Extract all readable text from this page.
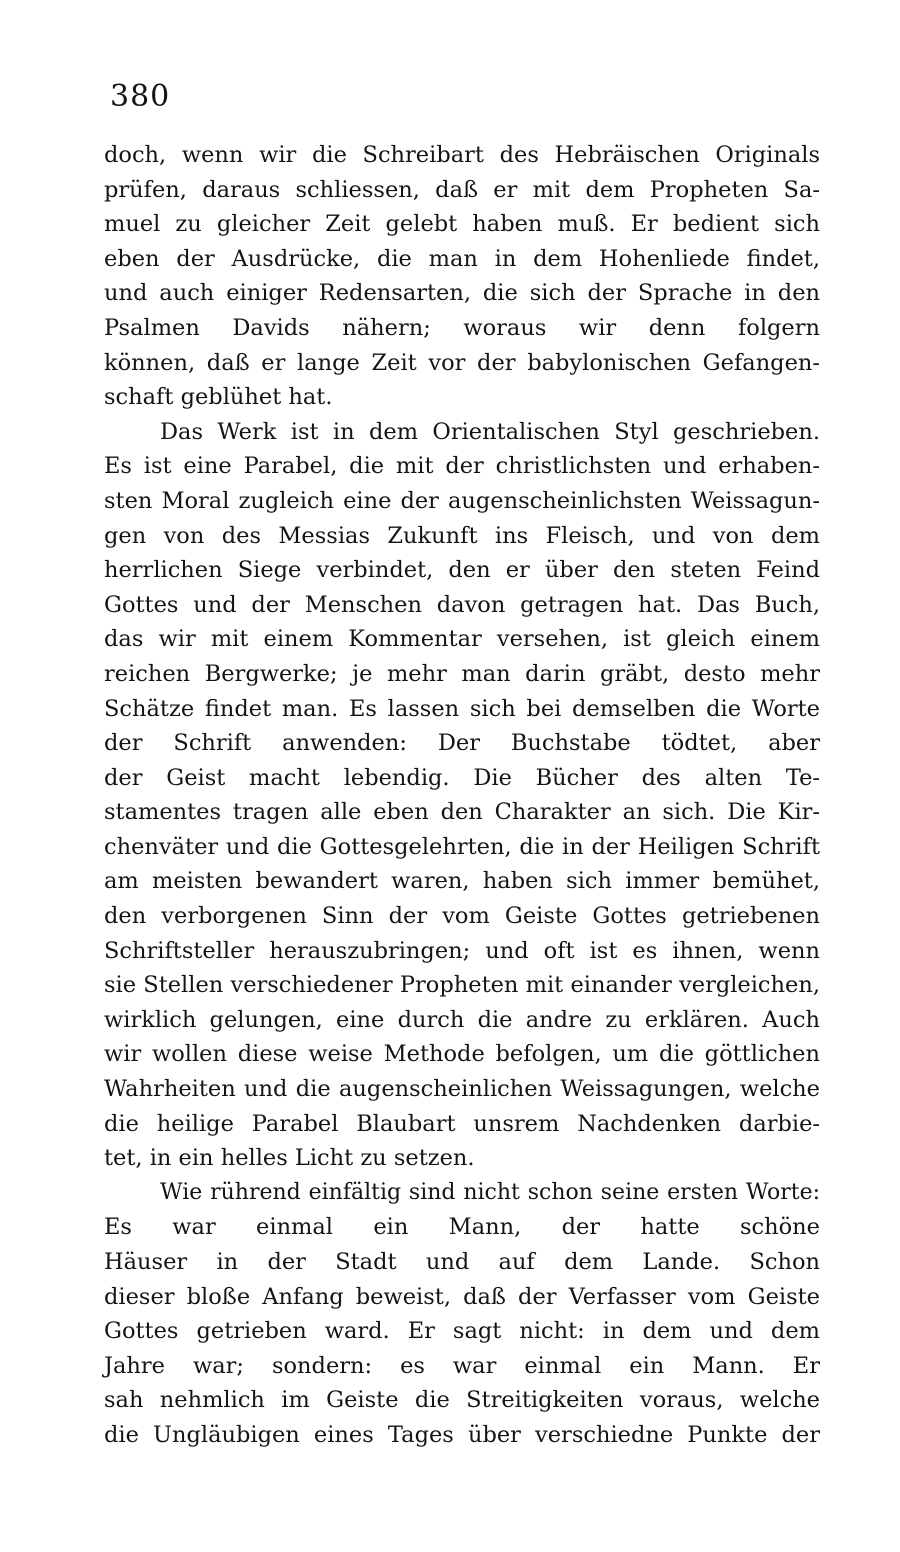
380
doch, wenn wir die Schreibart des Hebräischen Originals
prüfen, daraus schliessen, daß er mit dem Propheten Sa-
muel zu gleicher Zeit gelebt haben muß. Er bedient sich
eben der Ausdrücke, die man in dem Hohenliede findet,
und auch einiger Redensarten, die sich der Sprache in den
Psalmen Davids nähern; woraus wir denn folgern
können, daß er lange Zeit vor der babylonischen Gefangen-
schaft geblühet hat.
Das Werk ist in dem Orientalischen Styl geschrieben.
Es ist eine Parabel, die mit der christlichsten und erhaben-
sten Moral zugleich eine der augenscheinlichsten Weissagun-
gen von des Messias Zukunft ins Fleisch, und von dem
herrlichen Siege verbindet, den er über den steten Feind
Gottes und der Menschen davon getragen hat. Das Buch,
das wir mit einem Kommentar versehen, ist gleich einem
reichen Bergwerke; je mehr man darin gräbt, desto mehr
Schätze findet man. Es lassen sich bei demselben die Worte
der Schrift anwenden: Der Buchstabe tödtet, aber
der Geist macht lebendig. Die Bücher des alten Te-
stamentes tragen alle eben den Charakter an sich. Die Kir-
chenväter und die Gottesgelehrten, die in der Heiligen Schrift
am meisten bewandert waren, haben sich immer bemühet,
den verborgenen Sinn der vom Geiste Gottes getriebenen
Schriftsteller herauszubringen; und oft ist es ihnen, wenn
sie Stellen verschiedener Propheten mit einander vergleichen,
wirklich gelungen, eine durch die andre zu erklären. Auch
wir wollen diese weise Methode befolgen, um die göttlichen
Wahrheiten und die augenscheinlichen Weissagungen, welche
die heilige Parabel Blaubart unsrem Nachdenken darbie-
tet, in ein helles Licht zu setzen.
Wie rührend einfältig sind nicht schon seine ersten Worte:
Es war einmal ein Mann, der hatte schöne
Häuser in der Stadt und auf dem Lande. Schon
dieser bloße Anfang beweist, daß der Verfasser vom Geiste
Gottes getrieben ward. Er sagt nicht: in dem und dem
Jahre war; sondern: es war einmal ein Mann. Er
sah nehmlich im Geiste die Streitigkeiten voraus, welche
die Ungläubigen eines Tages über verschiedne Punkte der
